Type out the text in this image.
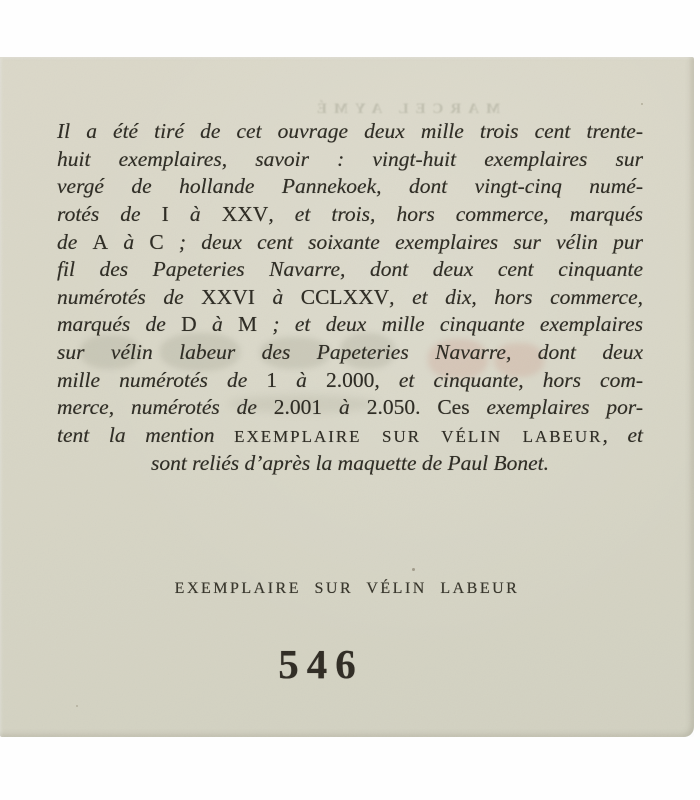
MARCEL AYMÉ
Il a été tiré de cet ouvrage deux mille trois cent trente-
huit exemplaires, savoir : vingt-huit exemplaires sur
vergé de hollande Pannekoek, dont vingt-cinq numé-
rotés de I à XXV, et trois, hors commerce, marqués
de A à C ; deux cent soixante exemplaires sur vélin pur
fil des Papeteries Navarre, dont deux cent cinquante
numérotés de XXVI à CCLXXV, et dix, hors commerce,
marqués de D à M ; et deux mille cinquante exemplaires
sur vélin labeur des Papeteries Navarre, dont deux
mille numérotés de 1 à 2.000, et cinquante, hors com-
merce, numérotés de 2.001 à 2.050. Ces exemplaires por-
tent la mention EXEMPLAIRE SUR VÉLIN LABEUR, et
sont reliés d’après la maquette de Paul Bonet.
EXEMPLAIRE SUR VÉLIN LABEUR
546
